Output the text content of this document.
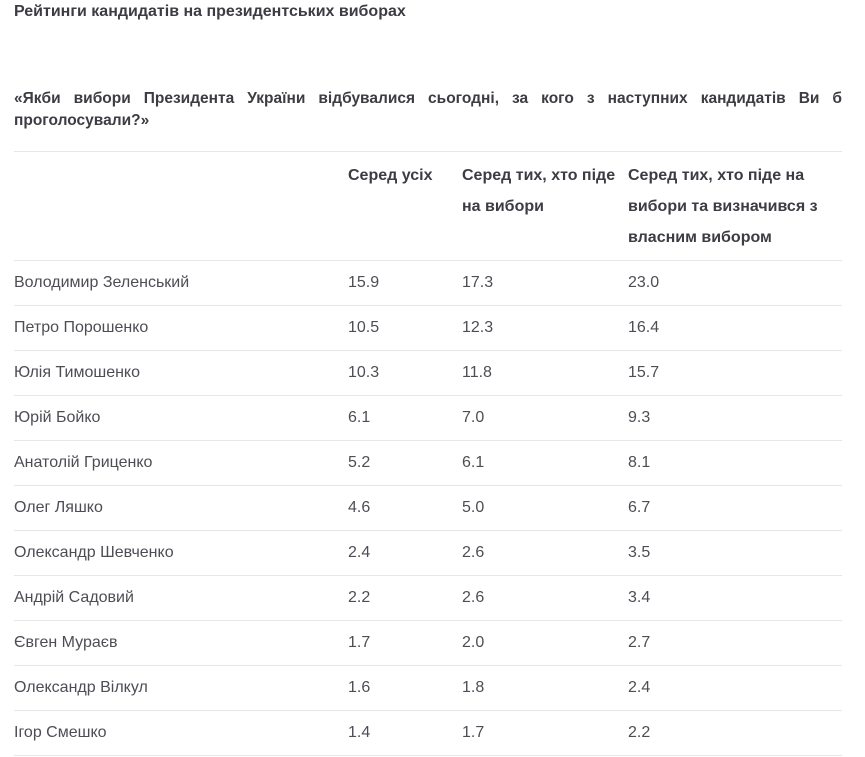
Рейтинги кандидатів на президентських виборах

«Якби вибори Президента України відбувалися сьогодні, за кого з наступних кандидатів Ви б проголосували?»

	Серед усіх	Серед тих, хто піде на вибори	Серед тих, хто піде на вибори та визначився з власним вибором
Володимир Зеленський	15.9	17.3	23.0
Петро Порошенко	10.5	12.3	16.4
Юлія Тимошенко	10.3	11.8	15.7
Юрій Бойко	6.1	7.0	9.3
Анатолій Гриценко	5.2	6.1	8.1
Олег Ляшко	4.6	5.0	6.7
Олександр Шевченко	2.4	2.6	3.5
Андрій Садовий	2.2	2.6	3.4
Євген Мураєв	1.7	2.0	2.7
Олександр Вілкул	1.6	1.8	2.4
Ігор Смешко	1.4	1.7	2.2
